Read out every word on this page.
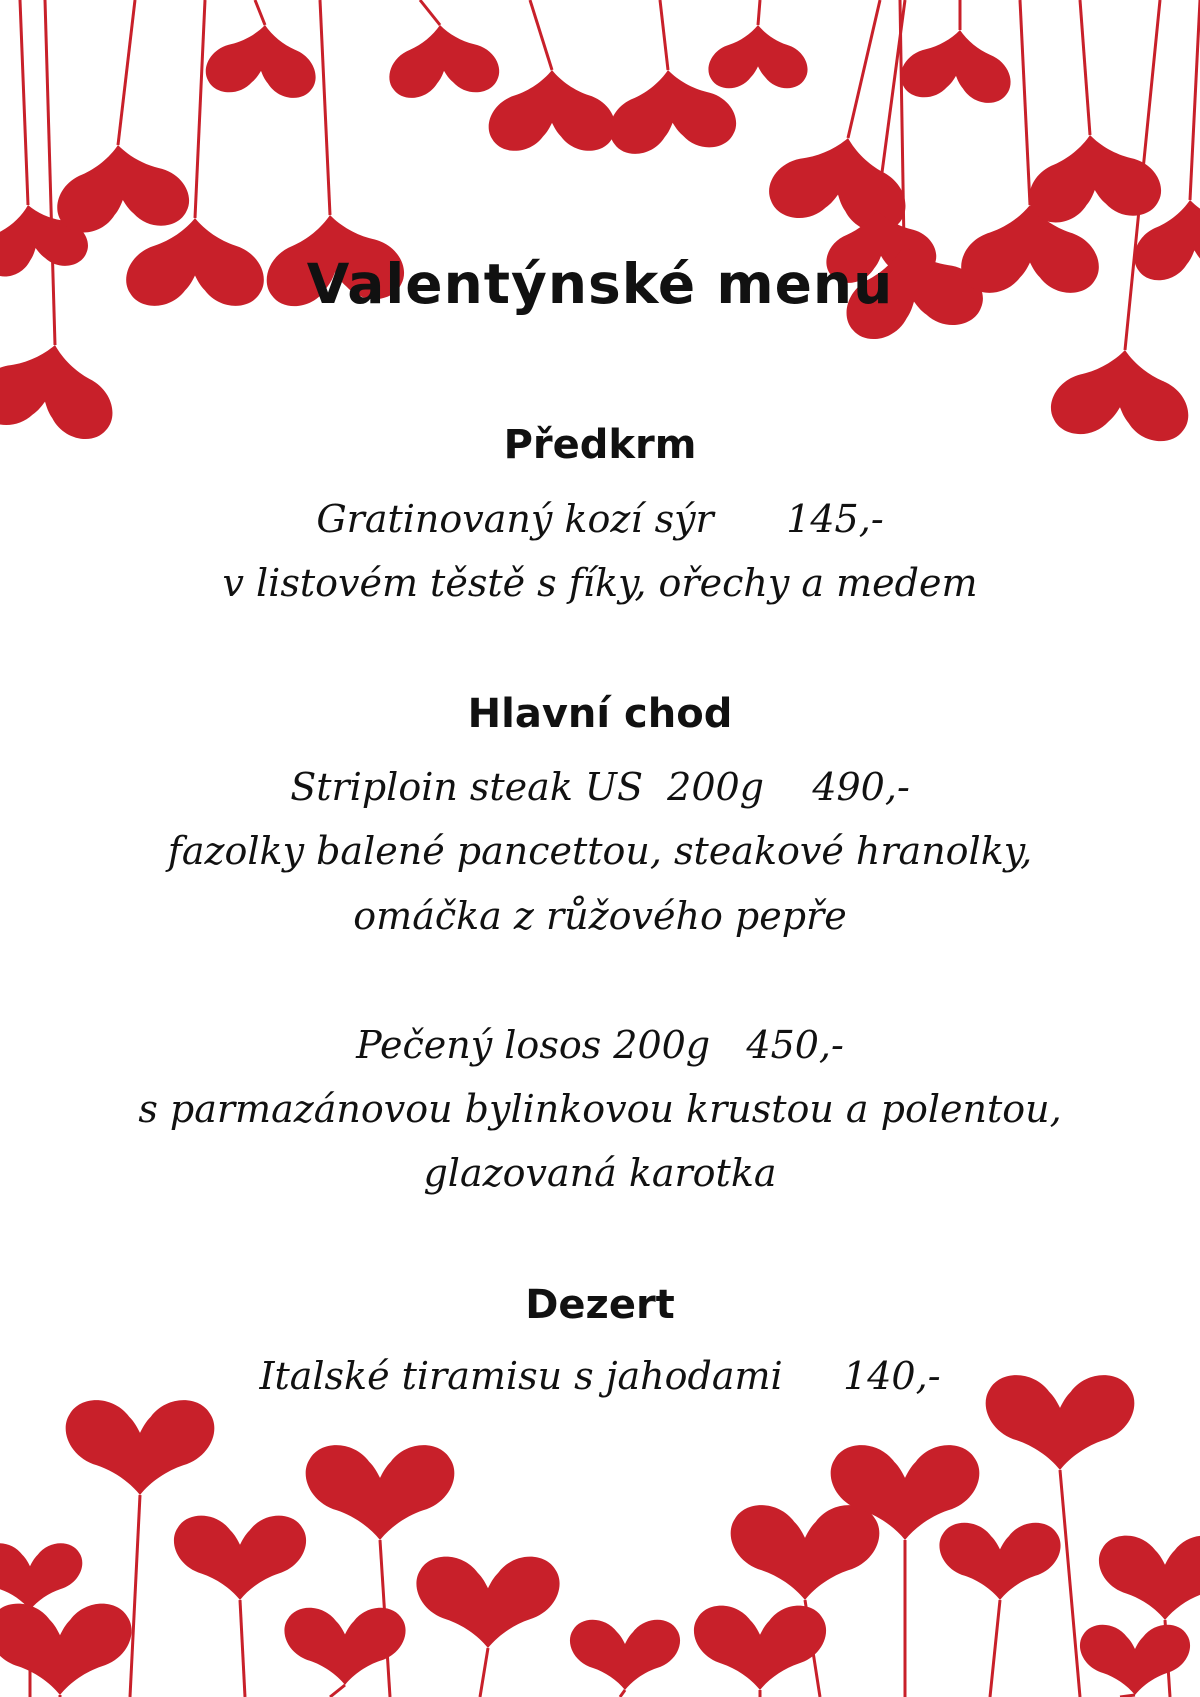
Valentýnské menu
Předkrm
Gratinovaný kozí sýr 145,-
v listovém těstě s fíky, ořechy a medem
Hlavní chod
Striploin steak US  200g 490,-
fazolky balené pancettou, steakové hranolky,
omáčka z růžového pepře
Pečený losos 200g 450,-
s parmazánovou bylinkovou krustou a polentou,
glazovaná karotka
Dezert
Italské tiramisu s jahodami 140,-
